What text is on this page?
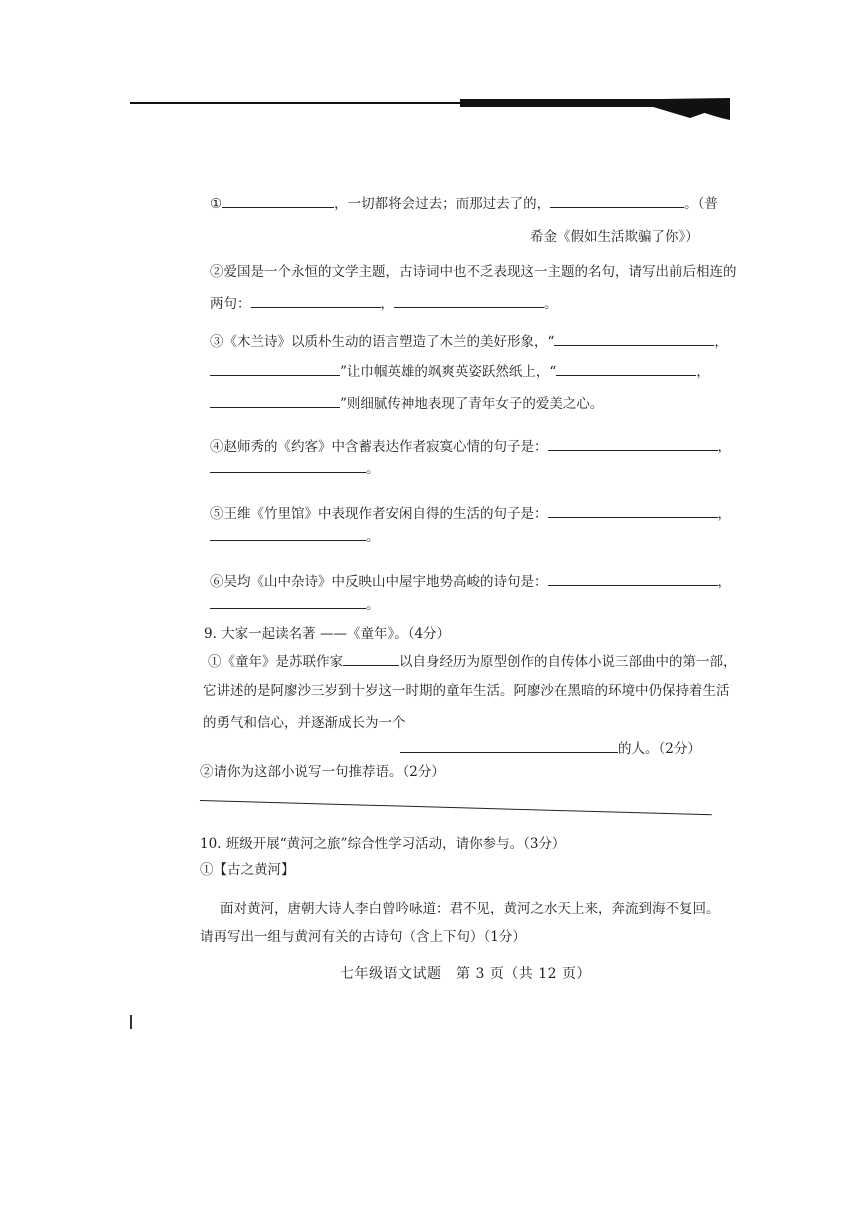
①	，一切都将会过去；而那过去了的，	。（普
希金《假如生活欺骗了你》）
②爱国是一个永恒的文学主题，古诗词中也不乏表现这一主题的名句，请写出前后相连的
两句：	，	。
③《木兰诗》以质朴生动的语言塑造了木兰的美好形象，“	，
”让巾帼英雄的飒爽英姿跃然纸上，“	，
”则细腻传神地表现了青年女子的爱美之心。
④赵师秀的《约客》中含蓄表达作者寂寞心情的句子是：	，
。
⑤王维《竹里馆》中表现作者安闲自得的生活的句子是：	，
。
⑥吴均《山中杂诗》中反映山中屋宇地势高峻的诗句是：	，
。
9. 大家一起读名著 ——《童年》。（4分）
①《童年》是苏联作家	以自身经历为原型创作的自传体小说三部曲中的第一部，
它讲述的是阿廖沙三岁到十岁这一时期的童年生活。阿廖沙在黑暗的环境中仍保持着生活
的勇气和信心，并逐渐成长为一个
的人。（2分）
②请你为这部小说写一句推荐语。（2分）
10. 班级开展“黄河之旅”综合性学习活动，请你参与。（3分）
①【古之黄河】
面对黄河，唐朝大诗人李白曾吟咏道：君不见，黄河之水天上来，奔流到海不复回。
请再写出一组与黄河有关的古诗句（含上下句）（1分）
七年级语文试题　第 3 页（共 12 页）
